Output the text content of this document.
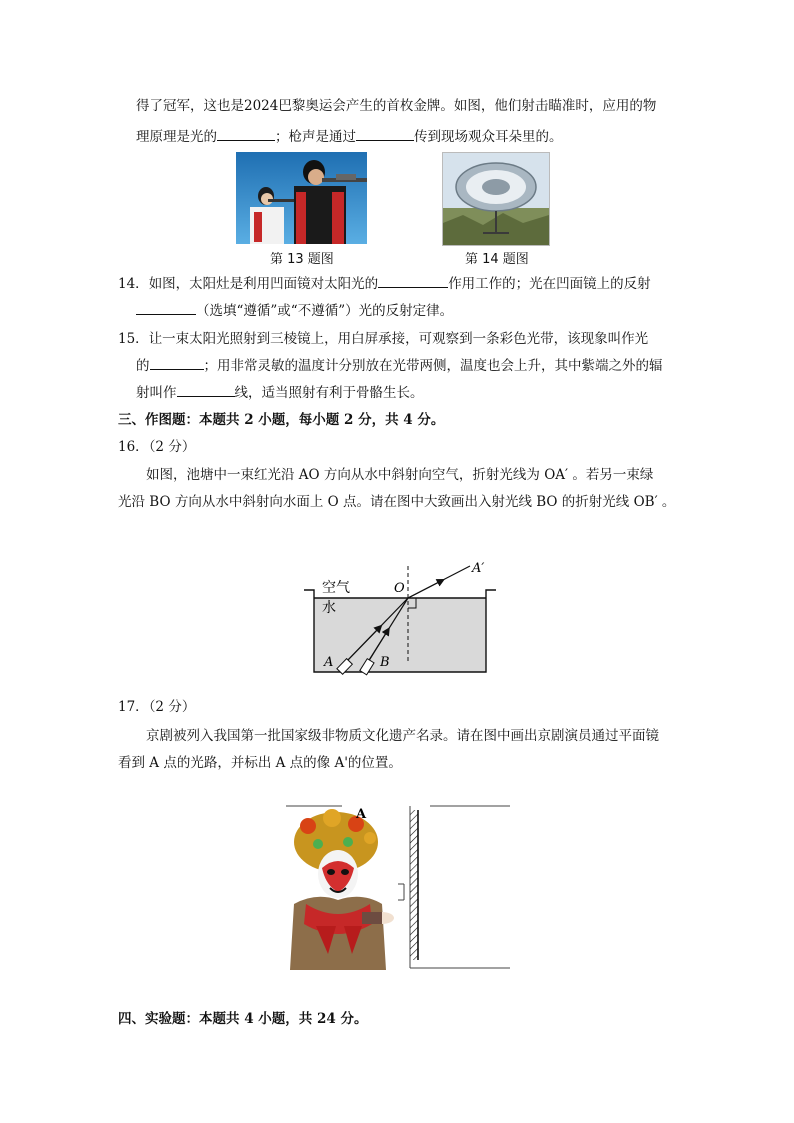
得了冠军，这也是2024巴黎奥运会产生的首枚金牌。如图，他们射击瞄准时，应用的物
理原理是光的	；枪声是通过	传到现场观众耳朵里的。
第 13 题图	第 14 题图
14．如图，太阳灶是利用凹面镜对太阳光的	作用工作的；光在凹面镜上的反射
（选填“遵循”或“不遵循”）光的反射定律。
15．让一束太阳光照射到三棱镜上，用白屏承接，可观察到一条彩色光带，该现象叫作光
的	；用非常灵敏的温度计分别放在光带两侧，温度也会上升，其中紫端之外的辐
射叫作	线，适当照射有利于骨骼生长。
三、作图题：本题共 2 小题，每小题 2 分，共 4 分。
16．（2 分）
如图，池塘中一束红光沿 AO 方向从水中斜射向空气，折射光线为 OA′ 。若另一束绿
光沿 BO 方向从水中斜射向水面上 O 点。请在图中大致画出入射光线 BO 的折射光线 OB′ 。
空气
水
O
A′
A	B
17．（2 分）
京剧被列入我国第一批国家级非物质文化遗产名录。请在图中画出京剧演员通过平面镜
看到 A 点的光路，并标出 A 点的像 A'的位置。
A
四、实验题：本题共 4 小题，共 24 分。
